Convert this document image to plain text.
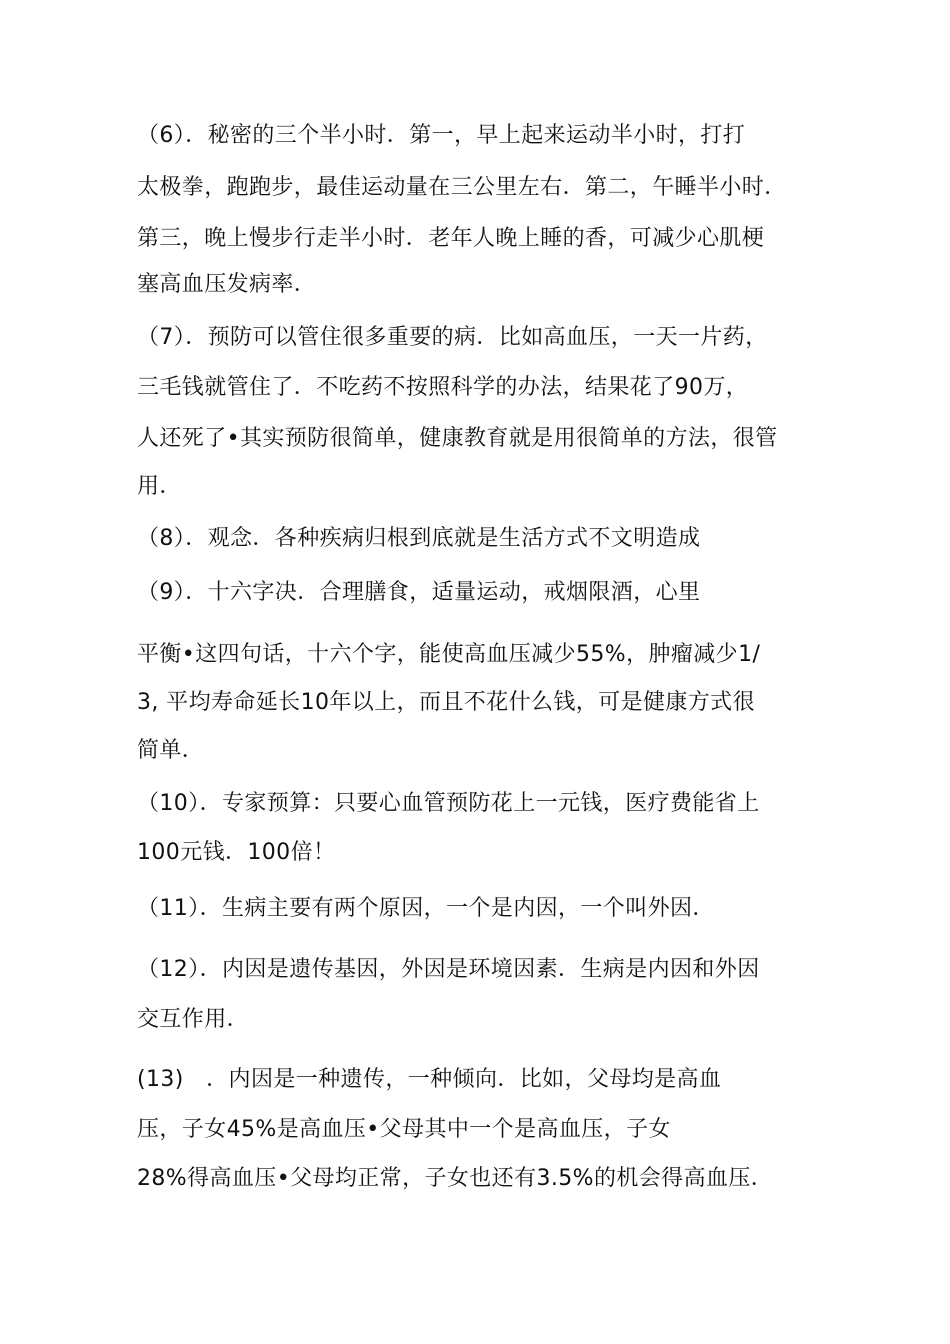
（6）．秘密的三个半小时．第一，早上起来运动半小时，打打
太极拳，跑跑步，最佳运动量在三公里左右．第二，午睡半小时．
第三，晚上慢步行走半小时．老年人晚上睡的香，可减少心肌梗
塞高血压发病率．
（7）．预防可以管住很多重要的病．比如高血压，一天一片药，
三毛钱就管住了．不吃药不按照科学的办法，结果花了90万，
人还死了•其实预防很简单，健康教育就是用很简单的方法，很管
用．
（8）．观念．各种疾病归根到底就是生活方式不文明造成
（9）．十六字决．合理膳食，适量运动，戒烟限酒，心里
平衡•这四句话，十六个字，能使高血压减少55%，肿瘤减少1/
3, 平均寿命延长10年以上，而且不花什么钱，可是健康方式很
简单．
（10）．专家预算：只要心血管预防花上一元钱，医疗费能省上
100元钱．100倍！
（11）．生病主要有两个原因，一个是内因，一个叫外因．
（12）．内因是遗传基因，外因是环境因素．生病是内因和外因
交互作用．
(13)　．内因是一种遗传，一种倾向．比如，父母均是高血
压，子女45%是高血压•父母其中一个是高血压，子女
28%得高血压•父母均正常，子女也还有3.5%的机会得高血压．
